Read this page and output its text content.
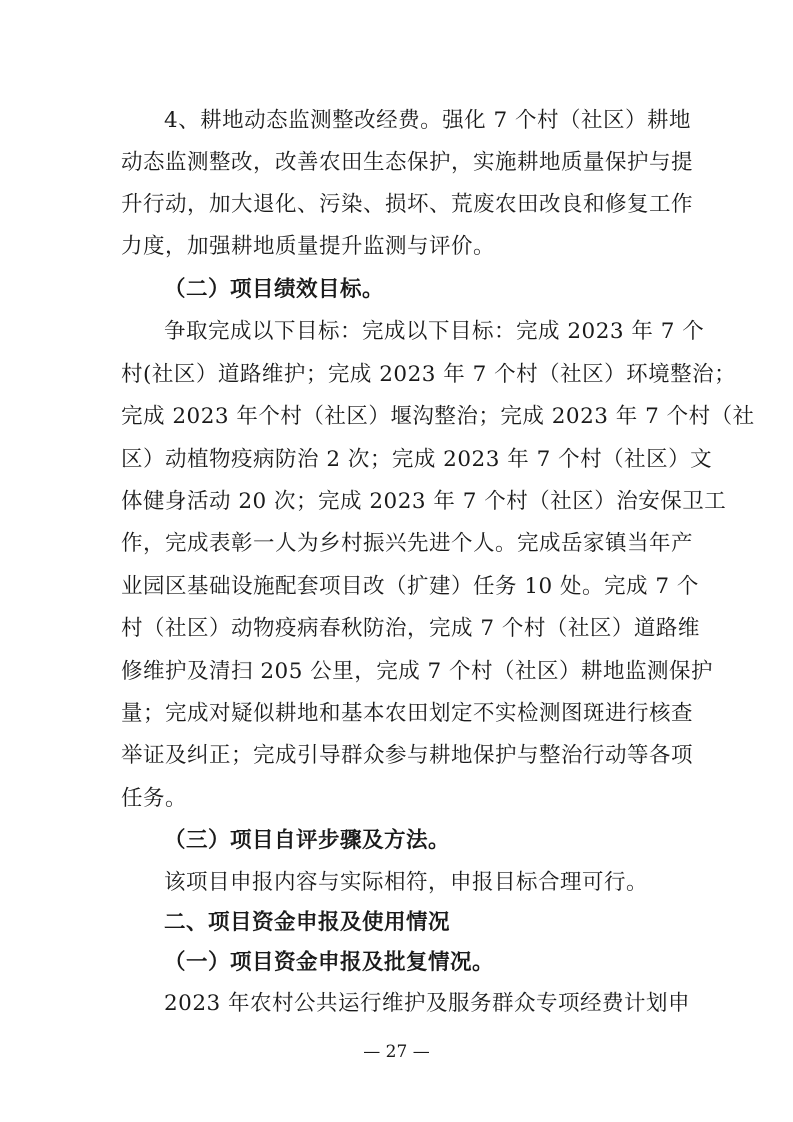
4、耕地动态监测整改经费。强化 7 个村（社区）耕地
动态监测整改，改善农田生态保护，实施耕地质量保护与提
升行动，加大退化、污染、损坏、荒废农田改良和修复工作
力度，加强耕地质量提升监测与评价。
（二）项目绩效目标。
争取完成以下目标：完成以下目标：完成 2023 年 7 个
村(社区）道路维护；完成 2023 年 7 个村（社区）环境整治；
完成 2023 年个村（社区）堰沟整治；完成 2023 年 7 个村（社
区）动植物疫病防治 2 次；完成 2023 年 7 个村（社区）文
体健身活动 20 次；完成 2023 年 7 个村（社区）治安保卫工
作，完成表彰一人为乡村振兴先进个人。完成岳家镇当年产
业园区基础设施配套项目改（扩建）任务 10 处。完成 7 个
村（社区）动物疫病春秋防治，完成 7 个村（社区）道路维
修维护及清扫 205 公里，完成 7 个村（社区）耕地监测保护
量；完成对疑似耕地和基本农田划定不实检测图斑进行核查
举证及纠正；完成引导群众参与耕地保护与整治行动等各项
任务。
（三）项目自评步骤及方法。
该项目申报内容与实际相符，申报目标合理可行。
二、项目资金申报及使用情况
（一）项目资金申报及批复情况。
2023 年农村公共运行维护及服务群众专项经费计划申
— 27 —
